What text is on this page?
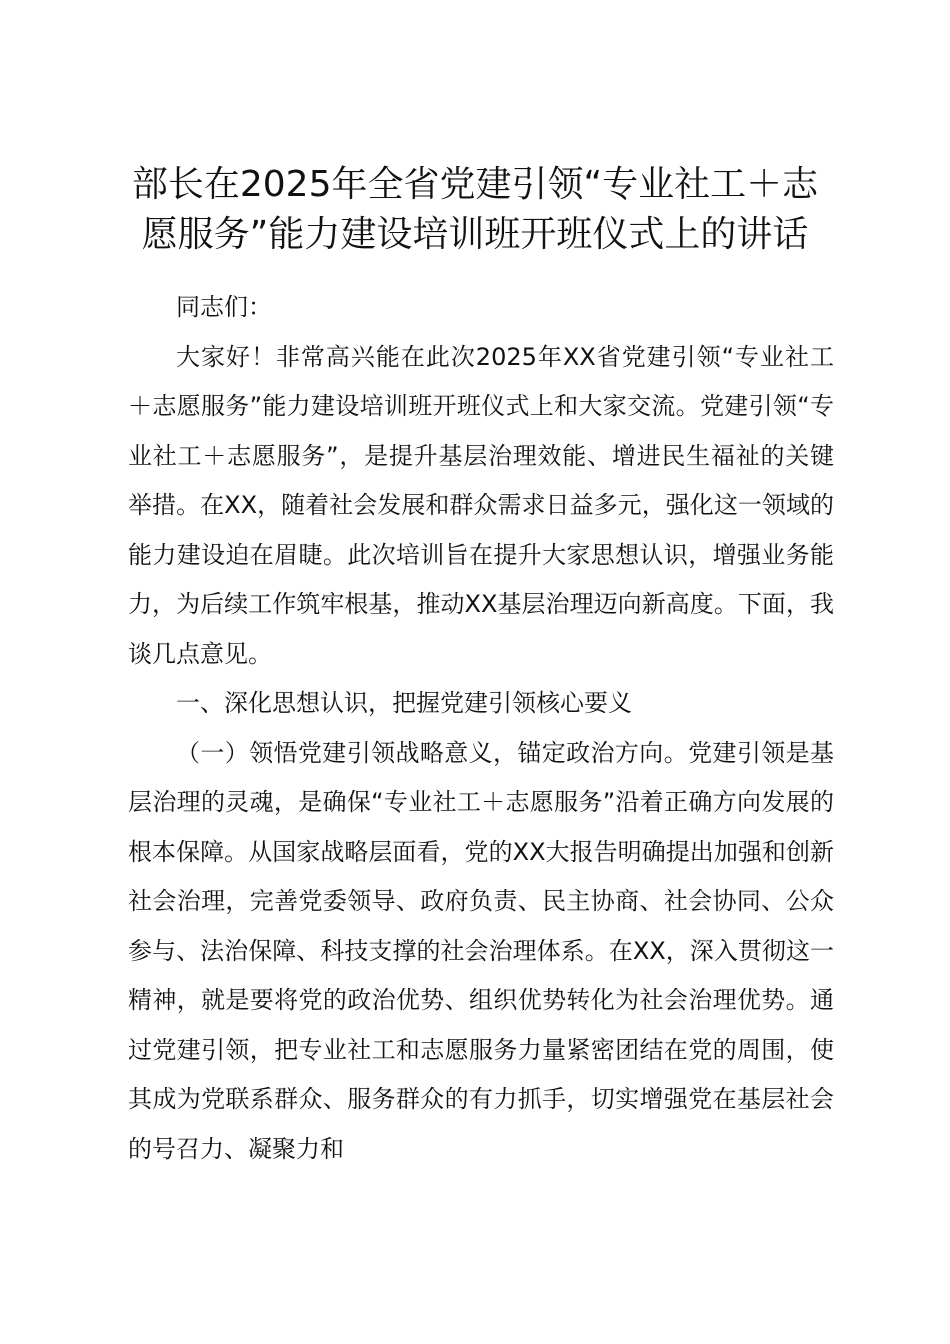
部长在2025年全省党建引领“专业社工＋志愿服务”能力建设培训班开班仪式上的讲话

同志们：

大家好！非常高兴能在此次2025年XX省党建引领“专业社工＋志愿服务”能力建设培训班开班仪式上和大家交流。党建引领“专业社工＋志愿服务”，是提升基层治理效能、增进民生福祉的关键举措。在XX，随着社会发展和群众需求日益多元，强化这一领域的能力建设迫在眉睫。此次培训旨在提升大家思想认识，增强业务能力，为后续工作筑牢根基，推动XX基层治理迈向新高度。下面，我谈几点意见。

一、深化思想认识，把握党建引领核心要义

（一）领悟党建引领战略意义，锚定政治方向。党建引领是基层治理的灵魂，是确保“专业社工＋志愿服务”沿着正确方向发展的根本保障。从国家战略层面看，党的XX大报告明确提出加强和创新社会治理，完善党委领导、政府负责、民主协商、社会协同、公众参与、法治保障、科技支撑的社会治理体系。在XX，深入贯彻这一精神，就是要将党的政治优势、组织优势转化为社会治理优势。通过党建引领，把专业社工和志愿服务力量紧密团结在党的周围，使其成为党联系群众、服务群众的有力抓手，切实增强党在基层社会的号召力、凝聚力和
